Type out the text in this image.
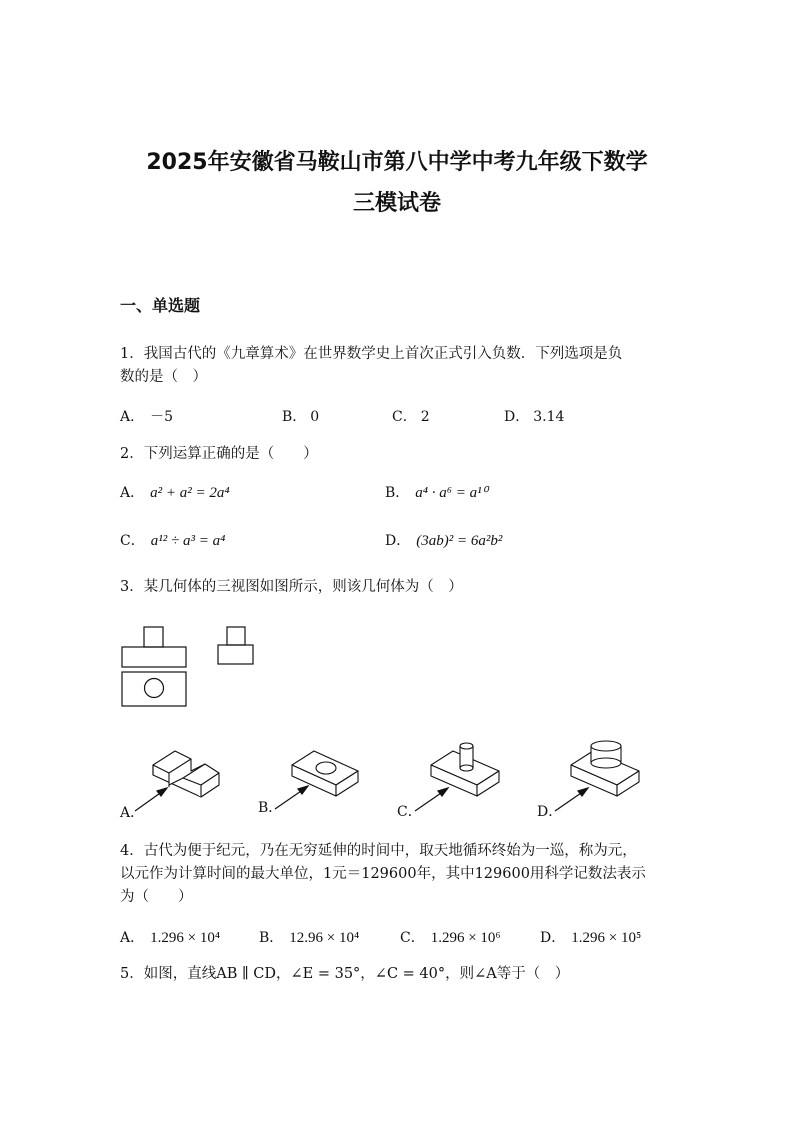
2025年安徽省马鞍山市第八中学中考九年级下数学
三模试卷
一、单选题
1．我国古代的《九章算术》在世界数学史上首次正式引入负数．下列选项是负
数的是（　）
A． －5	B． 0	C． 2	D． 3.14
2．下列运算正确的是（　　）
A． a² + a² = 2a⁴	B． a⁴ · a⁶ = a¹⁰
C． a¹² ÷ a³ = a⁴	D． (3ab)² = 6a²b²
3．某几何体的三视图如图所示，则该几何体为（　）
A．	B．	C．	D．
4．古代为便于纪元，乃在无穷延伸的时间中，取天地循环终始为一巡，称为元，
以元作为计算时间的最大单位，1元＝129600年，其中129600用科学记数法表示
为（　　）
A． 1.296 × 10⁴	B． 12.96 × 10⁴	C． 1.296 × 10⁶	D． 1.296 × 10⁵
5．如图，直线AB ∥ CD，∠E = 35°，∠C = 40°，则∠A等于（　）
